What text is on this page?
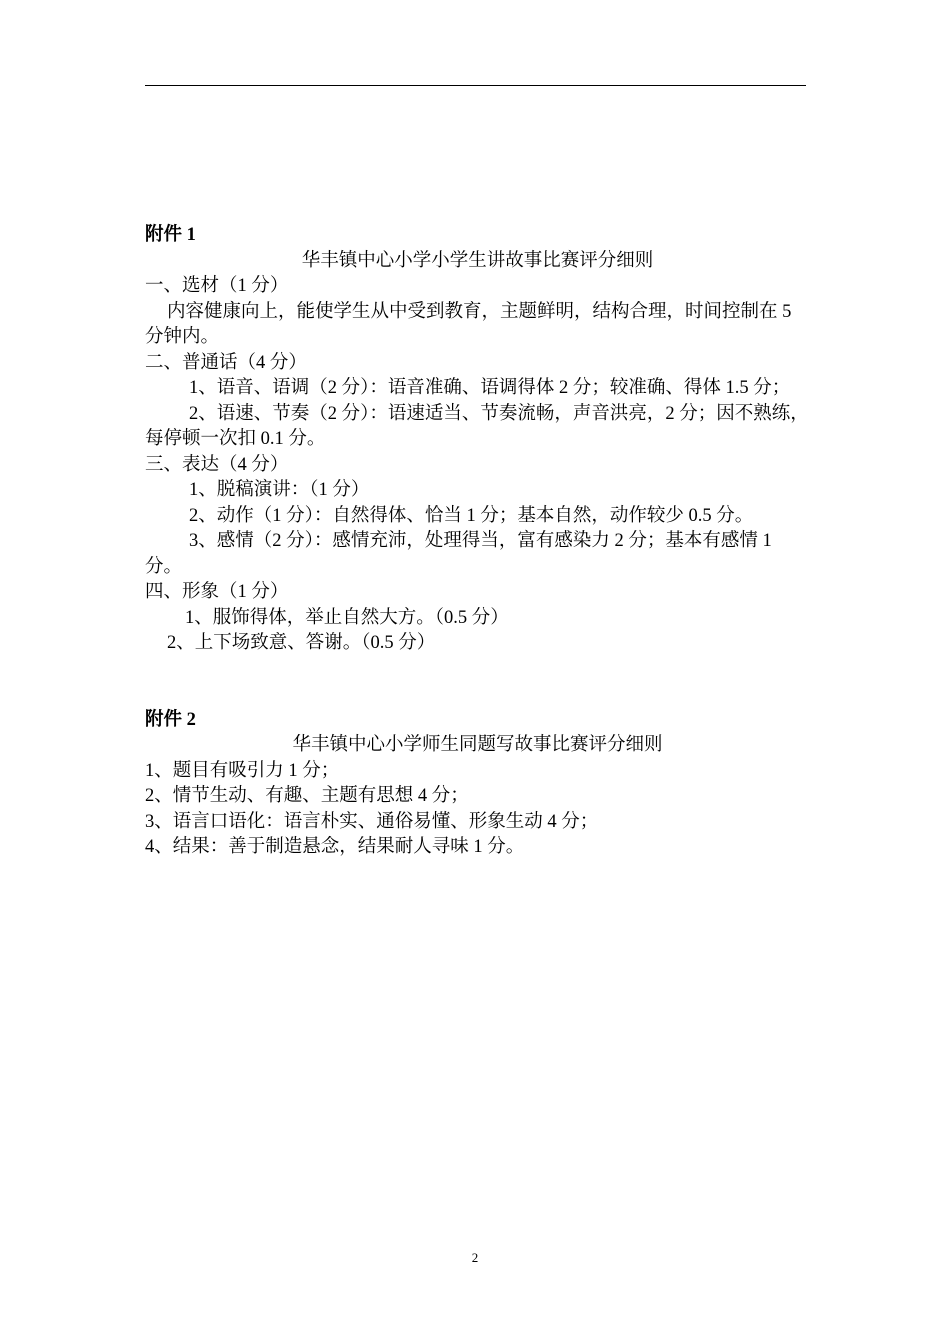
附件 1
华丰镇中心小学小学生讲故事比赛评分细则
一、选材（1 分）
内容健康向上，能使学生从中受到教育，主题鲜明，结构合理，时间控制在 5 分钟内。
二、普通话（4 分）
1、语音、语调（2 分）：语音准确、语调得体 2 分；较准确、得体 1.5 分；
2、语速、节奏（2 分）：语速适当、节奏流畅，声音洪亮，2 分；因不熟练，每停顿一次扣 0.1 分。
三、表达（4 分）
1、脱稿演讲：（1 分）
2、动作（1 分）：自然得体、恰当 1 分；基本自然，动作较少 0.5 分。
3、感情（2 分）：感情充沛，处理得当，富有感染力 2 分；基本有感情 1 分。
四、形象（1 分）
1、服饰得体，举止自然大方。（0.5 分）
2、上下场致意、答谢。（0.5 分）
附件 2
华丰镇中心小学师生同题写故事比赛评分细则
1、题目有吸引力 1 分；
2、情节生动、有趣、主题有思想 4 分；
3、语言口语化：语言朴实、通俗易懂、形象生动 4 分；
4、结果：善于制造悬念，结果耐人寻味 1 分。
2
